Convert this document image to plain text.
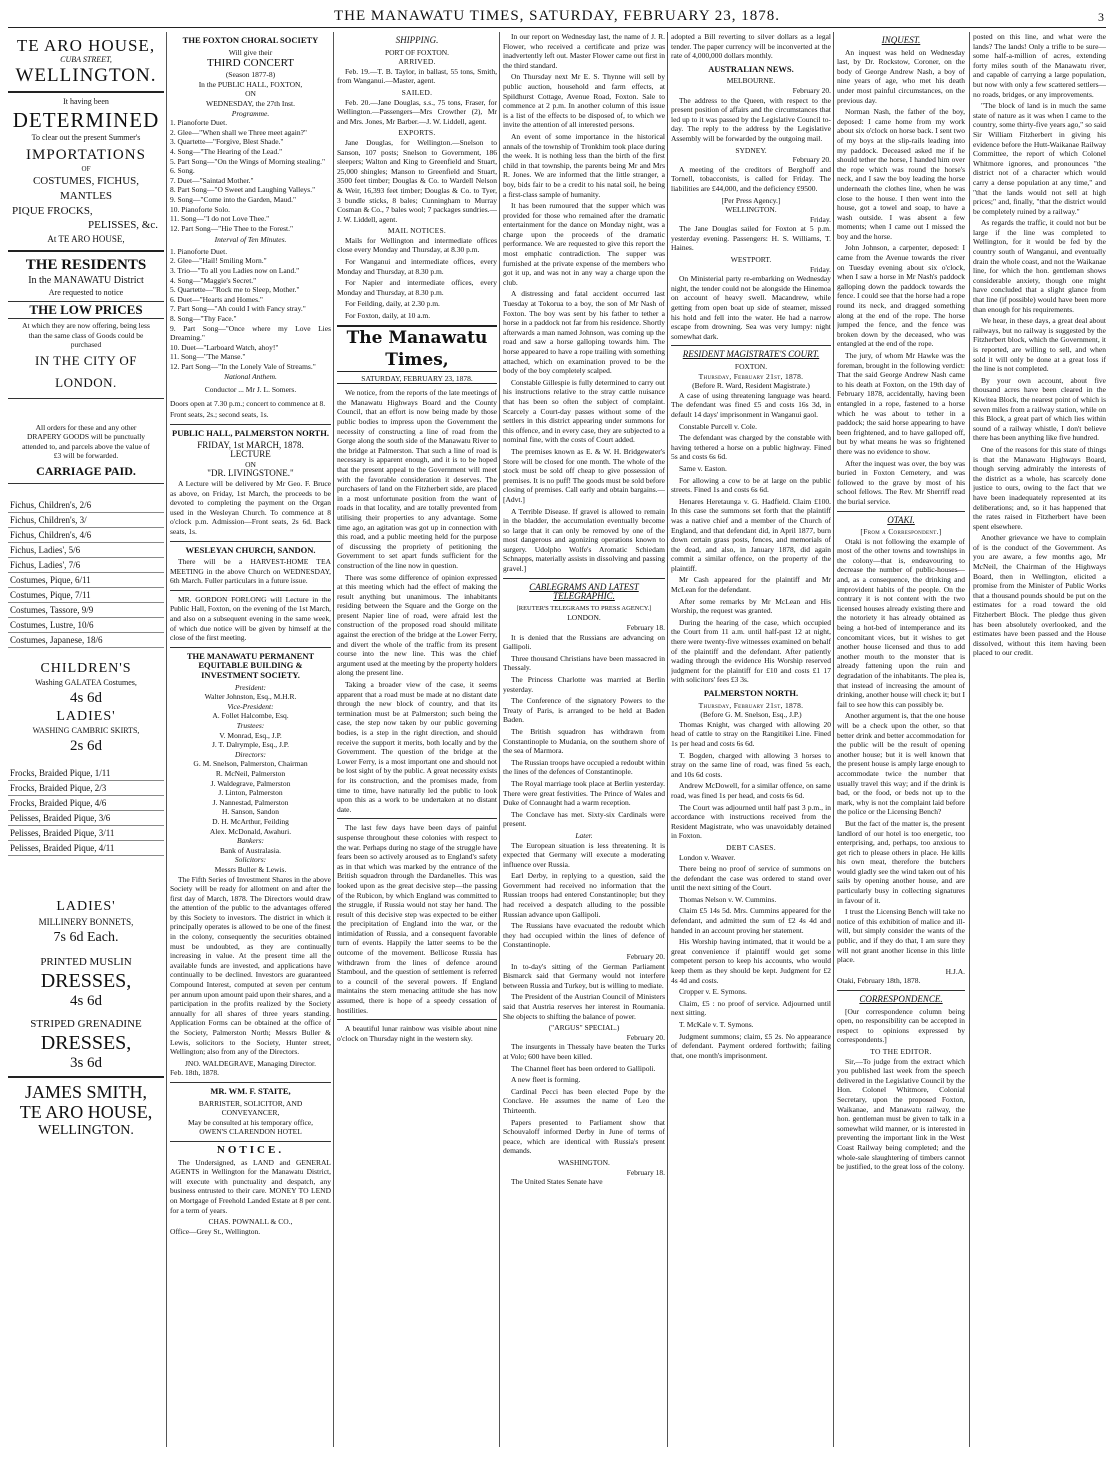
THE MANAWATU TIMES, SATURDAY, FEBRUARY 23, 1878.	3
TE ARO HOUSE,
CUBA STREET,
WELLINGTON.
It having been
DETERMINED
To clear out the present Summer's
IMPORTATIONS
OF
COSTUMES, FICHUS, MANTLES
PIQUE FROCKS,
PELISSES, &c.
At TE ARO HOUSE,
THE RESIDENTS
In the MANAWATU District
Are requested to notice
THE LOW PRICES
At which they are now offering, being less than the same class of Goods could be purchased
IN THE CITY OF LONDON.
All orders for these and any other DRAPERY GOODS will be punctually attended to, and parcels above the value of £3 will be forwarded.
CARRIAGE PAID.
Fichus, Children's, 2/6
Fichus, Children's, 3/
Fichus, Children's, 4/6
Fichus, Ladies', 5/6
Fichus, Ladies', 7/6
Costumes, Pique, 6/11
Costumes, Pique, 7/11
Costumes, Tassore, 9/9
Costumes, Lustre, 10/6
Costumes, Japanese, 18/6
CHILDREN'S
Washing GALATEA Costumes,
4s 6d
LADIES'
WASHING CAMBRIC SKIRTS,
2s 6d
Frocks, Braided Pique, 1/11
Frocks, Braided Pique, 2/3
Frocks, Braided Pique, 4/6
Pelisses, Braided Pique, 3/6
Pelisses, Braided Pique, 3/11
Pelisses, Braided Pique, 4/11
LADIES'
MILLINERY BONNETS,
7s 6d Each.
PRINTED MUSLIN
DRESSES,
4s 6d
STRIPED GRENADINE
DRESSES,
3s 6d
JAMES SMITH,
TE ARO HOUSE,
WELLINGTON.
THE FOXTON CHORAL SOCIETY
Will give their
THIRD CONCERT
(Season 1877-8)
In the PUBLIC HALL, FOXTON,
ON
WEDNESDAY, the 27th Inst.
Programme.
1. Pianoforte Duet.
2. Glee—"When shall we Three meet again?"
3. Quartette—"Forgive, Blest Shade."
4. Song—"The Hearing of the Lead."
5. Part Song—"On the Wings of Morning stealing."
6. Song.
7. Duet—"Saintad Mother."
8. Part Song—"O Sweet and Laughing Valleys."
9. Song—"Come into the Garden, Maud."
10. Pianoforte Solo.
11. Song—"I do not Love Thee."
12. Part Song—"Hie Thee to the Forest."
Interval of Ten Minutes.
1. Pianoforte Duet.
2. Glee—"Hail! Smiling Morn."
3. Trio—"To all you Ladies now on Land."
4. Song—"Maggie's Secret."
5. Quartette—"Rock me to Sleep, Mother."
6. Duet—"Hearts and Homes."
7. Part Song—"Ah could I with Fancy stray."
8. Song—"Thy Face."
9. Part Song—"Once where my Love Lies Dreaming."
10. Duet—"Larboard Watch, ahoy!"
11. Song—"The Manse."
12. Part Song—"In the Lonely Vale of Streams."
National Anthem.
Conductor ... Mr J. L. Somers.

Doors open at 7.30 p.m.; concert to commence at 8.

Front seats, 2s.; second seats, 1s.

PUBLIC HALL, PALMERSTON NORTH.
FRIDAY, 1st MARCH, 1878.
LECTURE
ON
"DR. LIVINGSTONE."

A Lecture will be delivered by Mr Geo. F. Bruce as above, on Friday, 1st March, the proceeds to be devoted to completing the payment on the Organ used in the Wesleyan Church. To commence at 8 o'clock p.m. Admission—Front seats, 2s 6d. Back seats, 1s.

WESLEYAN CHURCH, SANDON.

There will be a HARVEST-HOME TEA MEETING in the above Church on WEDNESDAY, 6th March. Fuller particulars in a future issue.

MR. GORDON FORLONG will Lecture in the Public Hall, Foxton, on the evening of the 1st March, and also on a subsequent evening in the same week, of which due notice will be given by himself at the close of the first meeting.

THE MANAWATU PERMANENT EQUITABLE BUILDING & INVESTMENT SOCIETY.
President:
Walter Johnston, Esq., M.H.R.
Vice-President:
A. Follet Halcombe, Esq.
Trustees:
V. Monrad, Esq., J.P.
J. T. Dalrymple, Esq., J.P.
Directors:
G. M. Snelson, Palmerston, Chairman
R. McNeil, Palmerston
J. Waldegrave, Palmerston
J. Linton, Palmerston
J. Nannestad, Palmerston
H. Sanson, Sandon
D. H. McArthur, Feilding
Alex. McDonald, Awahuri.
Bankers:
Bank of Australasia.
Solicitors:
Messrs Buller & Lewis.

The Fifth Series of Investment Shares in the above Society will be ready for allotment on and after the first day of March, 1878. The Directors would draw the attention of the public to the advantages offered by this Society to investors. The district in which it principally operates is allowed to be one of the finest in the colony, consequently the securities obtained must be undoubted, as they are continually increasing in value. At the present time all the available funds are invested, and applications have continually to be declined. Investors are guaranteed Compound Interest, computed at seven per centum per annum upon amount paid upon their shares, and a participation in the profits realized by the Society annually for all shares of three years standing. Application Forms can be obtained at the office of the Society, Palmerston North; Messrs Buller & Lewis, solicitors to the Society, Hunter street, Wellington; also from any of the Directors.

JNO. WALDEGRAVE, Managing Director.
Feb. 18th, 1878.
MR. WM. F. STAITE,
BARRISTER, SOLICITOR, AND CONVEYANCER,
May be consulted at his temporary office,
OWEN'S CLARENDON HOTEL
NOTICE.

The Undersigned, as LAND and GENERAL AGENTS in Wellington for the Manawatu District, will execute with punctuality and despatch, any business entrusted to their care. MONEY TO LEND on Mortgage of Freehold Landed Estate at 8 per cent. for a term of years.

CHAS. POWNALL & CO.,
Office—Grey St., Wellington.
SHIPPING.
PORT OF FOXTON.
ARRIVED.

Feb. 19.—T. B. Taylor, in ballast, 55 tons, Smith, from Wanganui.—Master, agent.

SAILED.

Feb. 20.—Jane Douglas, s.s., 75 tons, Fraser, for Wellington.—Passengers—Mrs Crowther (2), Mr and Mrs. Jones, Mr Barber.—J. W. Liddell, agent.

EXPORTS.

Jane Douglas, for Wellington.—Snelson to Sanson, 107 posts; Snelson to Government, 186 sleepers; Walton and King to Greenfield and Stuart, 25,000 shingles; Manson to Greenfield and Stuart, 3500 feet timber; Douglas & Co. to Wardell Nelson & Weir, 16,393 feet timber; Douglas & Co. to Tyer, 3 bundle sticks, 8 bales; Cunningham to Murray Cosman & Co., 7 bales wool; 7 packages sundries.—J. W. Liddell, agent.

MAIL NOTICES.

Mails for Wellington and intermediate offices close every Monday and Thursday, at 8.30 p.m.

For Wanganui and intermediate offices, every Monday and Thursday, at 8.30 p.m.

For Napier and intermediate offices, every Monday and Thursday, at 8.30 p.m.

For Feilding, daily, at 2.30 p.m.

For Foxton, daily, at 10 a.m.

The Manawatu Times,
SATURDAY, FEBRUARY 23, 1878.

We notice, from the reports of the late meetings of the Manawatu Highways Board and the County Council, that an effort is now being made by those public bodies to impress upon the Government the necessity of constructing a line of road from the Gorge along the south side of the Manawatu River to the bridge at Palmerston. That such a line of road is necessary is apparent enough, and it is to be hoped that the present appeal to the Government will meet with the favorable consideration it deserves. The purchasers of land on the Fitzherbert side, are placed in a most unfortunate position from the want of roads in that locality, and are totally prevented from utilising their properties to any advantage. Some time ago, an agitation was got up in connection with this road, and a public meeting held for the purpose of discussing the propriety of petitioning the Government to set apart funds sufficient for the construction of the line now in question.

There was some difference of opinion expressed at this meeting which had the effect of making the result anything but unanimous. The inhabitants residing between the Square and the Gorge on the present Napier line of road, were afraid lest the construction of the proposed road should militate against the erection of the bridge at the Lower Ferry, and divert the whole of the traffic from its present course into the new line. This was the chief argument used at the meeting by the property holders along the present line.

Taking a broader view of the case, it seems apparent that a road must be made at no distant date through the new block of country, and that its termination must be at Palmerston; such being the case, the step now taken by our public governing bodies, is a step in the right direction, and should receive the support it merits, both locally and by the Government. The question of the bridge at the Lower Ferry, is a most important one and should not be lost sight of by the public. A great necessity exists for its construction, and the promises made, from time to time, have naturally led the public to look upon this as a work to be undertaken at no distant date.

The last few days have been days of painful suspense throughout these colonies with respect to the war. Perhaps during no stage of the struggle have fears been so actively aroused as to England's safety as in that which was marked by the entrance of the British squadron through the Dardanelles. This was looked upon as the great decisive step—the passing of the Rubicon, by which England was committed to the struggle, if Russia would not stay her hand. The result of this decisive step was expected to be either the precipitation of England into the war, or the intimidation of Russia, and a consequent favorable turn of events. Happily the latter seems to be the outcome of the movement. Bellicose Russia has withdrawn from the lines of defence around Stamboul, and the question of settlement is referred to a council of the several powers. If England maintains the stern menacing attitude she has now assumed, there is hope of a speedy cessation of hostilities.

A beautiful lunar rainbow was visible about nine o'clock on Thursday night in the western sky.

In our report on Wednesday last, the name of J. R. Flower, who received a certificate and prize was inadvertently left out. Master Flower came out first in the third standard.

On Thursday next Mr E. S. Thynne will sell by public auction, household and farm effects, at Spildhurst Cottage, Avenue Road, Foxton. Sale to commence at 2 p.m. In another column of this issue is a list of the effects to be disposed of, to which we invite the attention of all interested persons.

An event of some importance in the historical annals of the township of Tronkhim took place during the week. It is nothing less than the birth of the first child in that township, the parents being Mr and Mrs R. Jones. We are informed that the little stranger, a boy, bids fair to be a credit to his natal soil, he being a first-class sample of humanity.

It has been rumoured that the supper which was provided for those who remained after the dramatic entertainment for the dance on Monday night, was a charge upon the proceeds of the dramatic performance. We are requested to give this report the most emphatic contradiction. The supper was furnished at the private expense of the members who got it up, and was not in any way a charge upon the club.

A distressing and fatal accident occurred last Tuesday at Tokorua to a boy, the son of Mr Nash of Foxton. The boy was sent by his father to tether a horse in a paddock not far from his residence. Shortly afterwards a man named Johnson, was coming up the road and saw a horse galloping towards him. The horse appeared to have a rope trailing with something attached, which on examination proved to be the body of the boy completely scalped.

Constable Gillespie is fully determined to carry out his instructions relative to the stray cattle nuisance that has been so often the subject of complaint. Scarcely a Court-day passes without some of the settlers in this district appearing under summons for this offence, and in every case, they are subjected to a nominal fine, with the costs of Court added.

The premises known as E. & W. H. Bridgewater's Store will be closed for one month. The whole of the stock must be sold off cheap to give possession of premises. It is no puff! The goods must be sold before closing of premises. Call early and obtain bargains.—[Advt.]

A Terrible Disease. If gravel is allowed to remain in the bladder, the accumulation eventually become so large that it can only be removed by one of the most dangerous and agonizing operations known to surgery. Udolpho Wolfe's Aromatic Schiedam Schnapps, materially assists in dissolving and passing gravel.]

CABLEGRAMS AND LATEST TELEGRAPHIC.
[REUTER'S TELEGRAMS TO PRESS AGENCY.]
LONDON.
February 18.

It is denied that the Russians are advancing on Gallipoli.

Three thousand Christians have been massacred in Thessaly.

The Princess Charlotte was married at Berlin yesterday.

The Conference of the signatory Powers to the Treaty of Paris, is arranged to be held at Baden Baden.

The British squadron has withdrawn from Constantinople to Mudania, on the southern shore of the sea of Marmora.

The Russian troops have occupied a redoubt within the lines of the defences of Constantinople.

The Royal marriage took place at Berlin yesterday. There were great festivities. The Prince of Wales and Duke of Connaught had a warm reception.

The Conclave has met. Sixty-six Cardinals were present.

Later.

The European situation is less threatening. It is expected that Germany will execute a moderating influence over Russia.

Earl Derby, in replying to a question, said the Government had received no information that the Russian troops had entered Constantinople; but they had received a despatch alluding to the possible Russian advance upon Gallipoli.

The Russians have evacuated the redoubt which they had occupied within the lines of defence of Constantinople.

February 20.

In to-day's sitting of the German Parliament Bismarck said that Germany would not interfere between Russia and Turkey, but is willing to mediate.

The President of the Austrian Council of Ministers said that Austria reserves her interest in Roumania. She objects to shifting the balance of power.

("ARGUS" SPECIAL.)
February 20.

The insurgents in Thessaly have beaten the Turks at Volo; 600 have been killed.

The Channel fleet has been ordered to Gallipoli.

A new fleet is forming.

Cardinal Pecci has been elected Pope by the Conclave. He assumes the name of Leo the Thirteenth.

Papers presented to Parliament show that Schouvaloff informed Derby in June of terms of peace, which are identical with Russia's present demands.

WASHINGTON.
February 18.

The United States Senate have

adopted a Bill reverting to silver dollars as a legal tender. The paper currency will be inconverted at the rate of 4,000,000 dollars monthly.

AUSTRALIAN NEWS.
MELBOURNE.
February 20.

The address to the Queen, with respect to the present position of affairs and the circumstances that led up to it was passed by the Legislative Council to-day. The reply to the address by the Legislative Assembly will be forwarded by the outgoing mail.

SYDNEY.
February 20.

A meeting of the creditors of Berghoff and Tornell, tobacconists, is called for Friday. The liabilities are £44,000, and the deficiency £9500.

[Per Press Agency.]
WELLINGTON.
Friday.

The Jane Douglas sailed for Foxton at 5 p.m. yesterday evening. Passengers: H. S. Williams, T. Haines.

WESTPORT.
Friday.

On Ministerial party re-embarking on Wednesday night, the tender could not be alongside the Hinemoa on account of heavy swell. Macandrew, while getting from open boat up side of steamer, missed his hold and fell into the water. He had a narrow escape from drowning. Sea was very lumpy: night somewhat dark.

RESIDENT MAGISTRATE'S COURT.
FOXTON.
Thursday, February 21st, 1878.
(Before R. Ward, Resident Magistrate.)

A case of using threatening language was heard. The defendant was fined £5 and costs 16s 3d, in default 14 days' imprisonment in Wanganui gaol.

Constable Purcell v. Cole.

The defendant was charged by the constable with having tethered a horse on a public highway. Fined 5s and costs 6s 6d.

Same v. Easton.

For allowing a cow to be at large on the public streets. Fined 1s and costs 6s 6d.

Henares Heretaunga v. G. Hadfield. Claim £100. In this case the summons set forth that the plaintiff was a native chief and a member of the Church of England, and that defendant did, in April 1877, burn down certain grass posts, fences, and memorials of the dead, and also, in January 1878, did again commit a similar offence, on the property of the plaintiff.

Mr Cash appeared for the plaintiff and Mr McLean for the defendant.

After some remarks by Mr McLean and His Worship, the request was granted.

During the hearing of the case, which occupied the Court from 11 a.m. until half-past 12 at night, there were twenty-five witnesses examined on behalf of the plaintiff and the defendant. After patiently wading through the evidence His Worship reserved judgment for the plaintiff for £10 and costs £1 17 with solicitors' fees £3 3s.

PALMERSTON NORTH.
Thursday, February 21st, 1878.
(Before G. M. Snelson, Esq., J.P.)

Thomas Knight, was charged with allowing 20 head of cattle to stray on the Rangitikei Line. Fined 1s per head and costs 6s 6d.

T. Bogden, charged with allowing 3 horses to stray on the same line of road, was fined 5s each, and 10s 6d costs.

Andrew McDowell, for a similar offence, on same road, was fined 1s per head, and costs 6s 6d.

The Court was adjourned until half past 3 p.m., in accordance with instructions received from the Resident Magistrate, who was unavoidably detained in Foxton.

DEBT CASES.

London v. Weaver.

There being no proof of service of summons on the defendant the case was ordered to stand over until the next sitting of the Court.

Thomas Nelson v. W. Cummins.

Claim £5 14s 5d. Mrs. Cummins appeared for the defendant, and admitted the sum of £2 4s 4d and handed in an account proving her statement.

His Worship having intimated, that it would be a great convenience if plaintiff would get some competent person to keep his accounts, who would keep them as they should be kept. Judgment for £2 4s 4d and costs.

Cropper v. E. Symons.

Claim, £5 : no proof of service. Adjourned until next sitting.

T. McKale v. T. Symons.

Judgment summons; claim, £5 2s. No appearance of defendant. Payment ordered forthwith; failing that, one month's imprisonment.

INQUEST.

An inquest was held on Wednesday last, by Dr. Rockstow, Coroner, on the body of George Andrew Nash, a boy of nine years of age, who met his death under most painful circumstances, on the previous day.

Norman Nash, the father of the boy, deposed: I came home from my work about six o'clock on horse back. I sent two of my boys at the slip-rails leading into my paddock. Deceased asked me if he should tether the horse, I handed him over the rope which was round the horse's neck, and I saw the boy leading the horse underneath the clothes line, when he was close to the house. I then went into the house, got a towel and soap, to have a wash outside. I was absent a few moments; when I came out I missed the boy and the horse.

John Johnson, a carpenter, deposed: I came from the Avenue towards the river on Tuesday evening about six o'clock, when I saw a horse in Mr Nash's paddock galloping down the paddock towards the fence. I could see that the horse had a rope round its neck, and dragged something along at the end of the rope. The horse jumped the fence, and the fence was broken down by the deceased, who was entangled at the end of the rope.

The jury, of whom Mr Hawke was the foreman, brought in the following verdict: That the said George Andrew Nash came to his death at Foxton, on the 19th day of February 1878, accidentally, having been entangled in a rope, fastened to a horse which he was about to tether in a paddock; the said horse appearing to have been frightened, and to have galloped off, but by what means he was so frightened there was no evidence to show.

After the inquest was over, the boy was buried in Foxton Cemetery, and was followed to the grave by most of his school fellows. The Rev. Mr Sherriff read the burial service.

OTAKI.
[From a Correspondent.]

Otaki is not following the example of most of the other towns and townships in the colony—that is, endeavouring to decrease the number of public-houses—and, as a consequence, the drinking and improvident habits of the people. On the contrary it is not content with the two licensed houses already existing there and the notoriety it has already obtained as being a hot-bed of intemperance and its concomitant vices, but it wishes to get another house licensed and thus to add another mouth to the monster that is already fattening upon the ruin and degradation of the inhabitants. The plea is, that instead of increasing the amount of drinking, another house will check it; but I fail to see how this can possibly be.

Another argument is, that the one house will be a check upon the other, so that better drink and better accommodation for the public will be the result of opening another house; but it is well known that the present house is amply large enough to accommodate twice the number that usually travel this way; and if the drink is bad, or the food, or beds not up to the mark, why is not the complaint laid before the police or the Licensing Bench?

But the fact of the matter is, the present landlord of our hotel is too energetic, too enterprising, and, perhaps, too anxious to get rich to please others in place. He kills his own meat, therefore the butchers would gladly see the wind taken out of his sails by opening another house, and are particularly busy in collecting signatures in favour of it.

I trust the Licensing Bench will take no notice of this exhibition of malice and ill-will, but simply consider the wants of the public, and if they do that, I am sure they will not grant another license in this little place.

H.J.A.
Otaki, February 18th, 1878.
CORRESPONDENCE.

[Our correspondence column being open, no responsibility can be accepted in respect to opinions expressed by correspondents.]

TO THE EDITOR.

Sir,—To judge from the extract which you published last week from the speech delivered in the Legislative Council by the Hon. Colonel Whitmore, Colonial Secretary, upon the proposed Foxton, Waikanae, and Manawatu railway, the hon. gentleman must be given to talk in a somewhat wild manner, or is interested in preventing the important link in the West Coast Railway being completed; and the whole-sale slaughtering of timbers cannot be justified, to the great loss of the colony.

posted on this line, and what were the lands? The lands! Only a trifle to be sure—some half-a-million of acres, extending forty miles south of the Manawatu river, and capable of carrying a large population, but now with only a few scattered settlers—no roads, bridges, or any improvements.

"The block of land is in much the same state of nature as it was when I came to the country, some thirty-five years ago," so said Sir William Fitzherbert in giving his evidence before the Hutt-Waikanae Railway Committee, the report of which Colonel Whitmore ignores, and pronounces "the district not of a character which would carry a dense population at any time," and "that the lands would not sell at high prices;" and, finally, "that the district would be completely ruined by a railway."

As regards the traffic, it could not but be large if the line was completed to Wellington, for it would be fed by the country south of Wanganui, and eventually drain the whole coast, and not the Waikanae line, for which the hon. gentleman shows considerable anxiety, though one might have concluded that a slight glance from that line (if possible) would have been more than enough for his requirements.

We hear, in these days, a great deal about railways, but no railway is suggested by the Fitzherbert block, which the Government, it is reported, are willing to sell, and when sold it will only be done at a great loss if the line is not completed.

By your own account, about five thousand acres have been cleared in the Kiwitea Block, the nearest point of which is seven miles from a railway station, while on this Block, a great part of which lies within sound of a railway whistle, I don't believe there has been anything like five hundred.

One of the reasons for this state of things is that the Manawatu Highways Board, though serving admirably the interests of the district as a whole, has scarcely done justice to ours, owing to the fact that we have been inadequately represented at its deliberations; and, so it has happened that the rates raised in Fitzherbert have been spent elsewhere.

Another grievance we have to complain of is the conduct of the Government. As you are aware, a few months ago, Mr McNeil, the Chairman of the Highways Board, then in Wellington, elicited a promise from the Minister of Public Works that a thousand pounds should be put on the estimates for a road toward the old Fitzherbert Block. The pledge thus given has been absolutely overlooked, and the estimates have been passed and the House dissolved, without this item having been placed to our credit.
